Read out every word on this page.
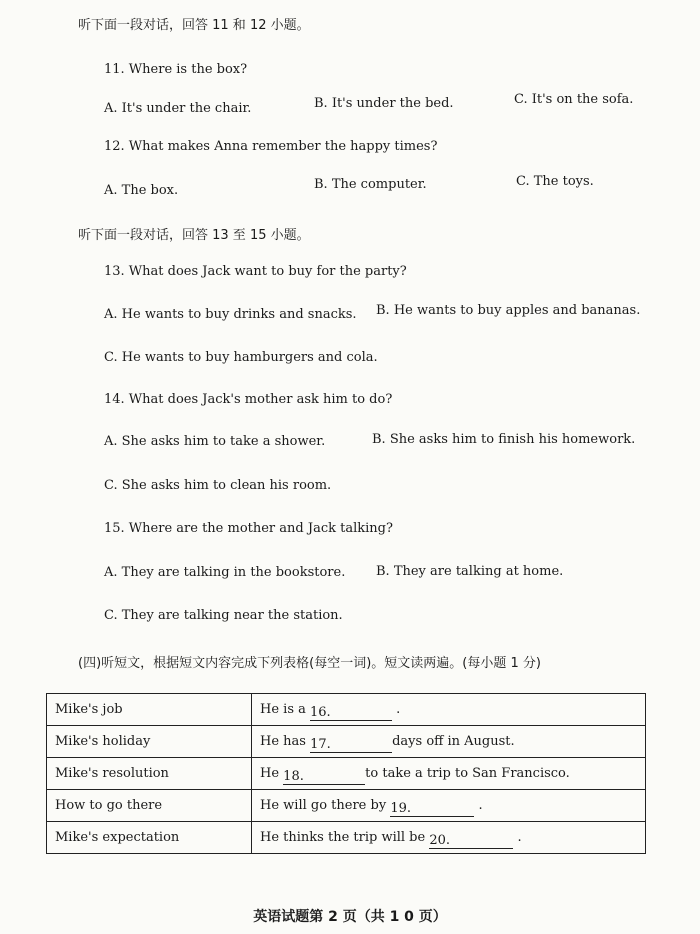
听下面一段对话，回答 11 和 12 小题。
11. Where is the box?
A. It's under the chair.	B. It's under the bed.	C. It's on the sofa.
12. What makes Anna remember the happy times?
A. The box.	B. The computer.	C. The toys.
听下面一段对话，回答 13 至 15 小题。
13. What does Jack want to buy for the party?
A. He wants to buy drinks and snacks. B. He wants to buy apples and bananas.
C. He wants to buy hamburgers and cola.
14. What does Jack's mother ask him to do?
A. She asks him to take a shower.	B. She asks him to finish his homework.
C. She asks him to clean his room.
15. Where are the mother and Jack talking?
A. They are talking in the bookstore. B. They are talking at home.
C. They are talking near the station.
(四)听短文，根据短文内容完成下列表格(每空一词)。短文读两遍。(每小题 1 分)
Mike's job	He is a 16. .
Mike's holiday	He has 17. days off in August.
Mike's resolution	He 18. to take a trip to San Francisco.
How to go there	He will go there by 19. .
Mike's expectation	He thinks the trip will be 20. .
英语试题第 2 页（共 1 0 页）
